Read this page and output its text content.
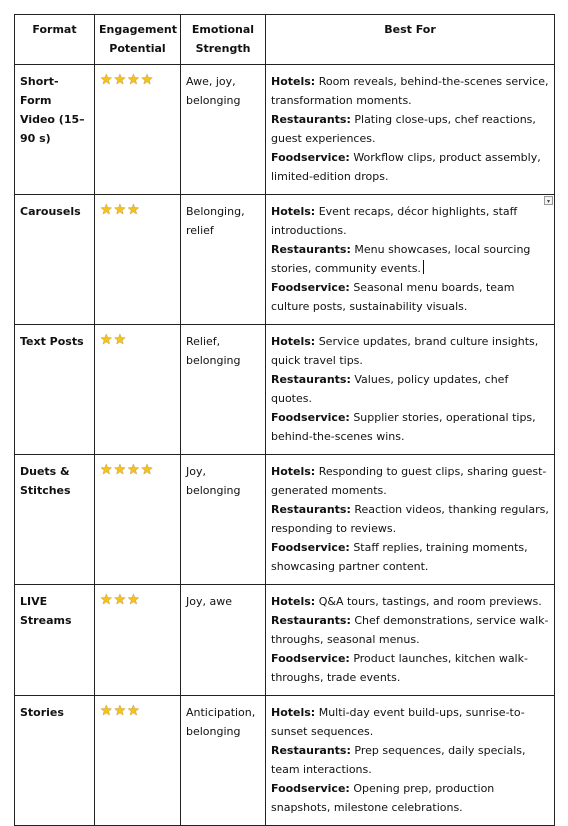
Format	Engagement Potential	Emotional Strength	Best For
Short-Form Video (15–90 s)	★★★★	Awe, joy, belonging	Hotels: Room reveals, behind-the-scenes service, transformation moments.
Restaurants: Plating close-ups, chef reactions, guest experiences.
Foodservice: Workflow clips, product assembly, limited-edition drops.

Carousels	★★★	Belonging, relief	Hotels: Event recaps, décor highlights, staff introductions.
Restaurants: Menu showcases, local sourcing stories, community events.
Foodservice: Seasonal menu boards, team culture posts, sustainability visuals.
▾

Text Posts	★★	Relief, belonging	Hotels: Service updates, brand culture insights, quick travel tips.
Restaurants: Values, policy updates, chef quotes.
Foodservice: Supplier stories, operational tips, behind-the-scenes wins.

Duets & Stitches	★★★★	Joy, belonging	Hotels: Responding to guest clips, sharing guest-generated moments.
Restaurants: Reaction videos, thanking regulars, responding to reviews.
Foodservice: Staff replies, training moments, showcasing partner content.

LIVE Streams	★★★	Joy, awe	Hotels: Q&A tours, tastings, and room previews.
Restaurants: Chef demonstrations, service walk-throughs, seasonal menus.
Foodservice: Product launches, kitchen walk-throughs, trade events.

Stories	★★★	Anticipation, belonging	Hotels: Multi-day event build-ups, sunrise-to-sunset sequences.
Restaurants: Prep sequences, daily specials, team interactions.
Foodservice: Opening prep, production snapshots, milestone celebrations.
